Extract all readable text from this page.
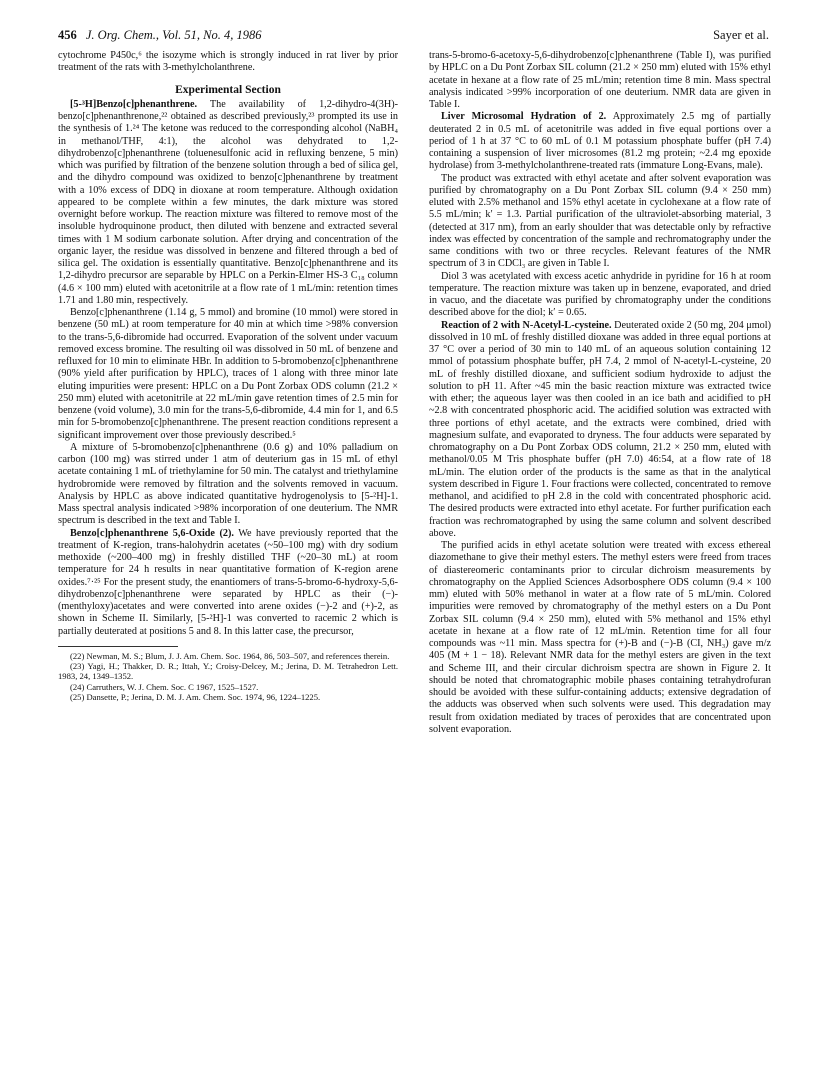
456 J. Org. Chem., Vol. 51, No. 4, 1986	Sayer et al.

cytochrome P450c,⁶ the isozyme which is strongly induced in rat liver by prior treatment of the rats with 3-methylcholanthrene.

Experimental Section

[5-³H]Benzo[c]phenanthrene. The availability of 1,2-dihydro-4(3H)-benzo[c]phenanthrenone,²² obtained as described previously,²³ prompted its use in the synthesis of 1.²⁴ The ketone was reduced to the corresponding alcohol (NaBH₄ in methanol/THF, 4:1), the alcohol was dehydrated to 1,2-dihydrobenzo[c]phenanthrene (toluenesulfonic acid in refluxing benzene, 5 min) which was purified by filtration of the benzene solution through a bed of silica gel, and the dihydro compound was oxidized to benzo[c]phenanthrene by treatment with a 10% excess of DDQ in dioxane at room temperature. Although oxidation appeared to be complete within a few minutes, the dark mixture was stored overnight before workup. The reaction mixture was filtered to remove most of the insoluble hydroquinone product, then diluted with benzene and extracted several times with 1 M sodium carbonate solution. After drying and concentration of the organic layer, the residue was dissolved in benzene and filtered through a bed of silica gel. The oxidation is essentially quantitative. Benzo[c]phenanthrene and its 1,2-dihydro precursor are separable by HPLC on a Perkin-Elmer HS-3 C₁₈ column (4.6 × 100 mm) eluted with acetonitrile at a flow rate of 1 mL/min: retention times 1.71 and 1.80 min, respectively.

Benzo[c]phenanthrene (1.14 g, 5 mmol) and bromine (10 mmol) were stored in benzene (50 mL) at room temperature for 40 min at which time >98% conversion to the trans-5,6-dibromide had occurred. Evaporation of the solvent under vacuum removed excess bromine. The resulting oil was dissolved in 50 mL of benzene and refluxed for 10 min to eliminate HBr. In addition to 5-bromobenzo[c]phenanthrene (90% yield after purification by HPLC), traces of 1 along with three minor late eluting impurities were present: HPLC on a Du Pont Zorbax ODS column (21.2 × 250 mm) eluted with acetonitrile at 22 mL/min gave retention times of 2.5 min for benzene (void volume), 3.0 min for the trans-5,6-dibromide, 4.4 min for 1, and 6.5 min for 5-bromobenzo[c]phenanthrene. The present reaction conditions represent a significant improvement over those previously described.⁵

A mixture of 5-bromobenzo[c]phenanthrene (0.6 g) and 10% palladium on carbon (100 mg) was stirred under 1 atm of deuterium gas in 15 mL of ethyl acetate containing 1 mL of triethylamine for 50 min. The catalyst and triethylamine hydrobromide were removed by filtration and the solvents removed in vacuum. Analysis by HPLC as above indicated quantitative hydrogenolysis to [5-²H]-1. Mass spectral analysis indicated >98% incorporation of one deuterium. The NMR spectrum is described in the text and Table I.

Benzo[c]phenanthrene 5,6-Oxide (2). We have previously reported that the treatment of K-region, trans-halohydrin acetates (~50–100 mg) with dry sodium methoxide (~200–400 mg) in freshly distilled THF (~20–30 mL) at room temperature for 24 h results in near quantitative formation of K-region arene oxides.⁷·²⁵ For the present study, the enantiomers of trans-5-bromo-6-hydroxy-5,6-dihydrobenzo[c]phenanthrene were separated by HPLC as their (−)-(menthyloxy)acetates and were converted into arene oxides (−)-2 and (+)-2, as shown in Scheme II. Similarly, [5-²H]-1 was converted to racemic 2 which is partially deuterated at positions 5 and 8. In this latter case, the precursor,

(22) Newman, M. S.; Blum, J. J. Am. Chem. Soc. 1964, 86, 503–507, and references therein.

(23) Yagi, H.; Thakker, D. R.; Ittah, Y.; Croisy-Delcey, M.; Jerina, D. M. Tetrahedron Lett. 1983, 24, 1349–1352.

(24) Carruthers, W. J. Chem. Soc. C 1967, 1525–1527.

(25) Dansette, P.; Jerina, D. M. J. Am. Chem. Soc. 1974, 96, 1224–1225.

trans-5-bromo-6-acetoxy-5,6-dihydrobenzo[c]phenanthrene (Table I), was purified by HPLC on a Du Pont Zorbax SIL column (21.2 × 250 mm) eluted with 15% ethyl acetate in hexane at a flow rate of 25 mL/min; retention time 8 min. Mass spectral analysis indicated >99% incorporation of one deuterium. NMR data are given in Table I.

Liver Microsomal Hydration of 2. Approximately 2.5 mg of partially deuterated 2 in 0.5 mL of acetonitrile was added in five equal portions over a period of 1 h at 37 °C to 60 mL of 0.1 M potassium phosphate buffer (pH 7.4) containing a suspension of liver microsomes (81.2 mg protein; ~2.4 mg epoxide hydrolase) from 3-methylcholanthrene-treated rats (immature Long-Evans, male).

The product was extracted with ethyl acetate and after solvent evaporation was purified by chromatography on a Du Pont Zorbax SIL column (9.4 × 250 mm) eluted with 2.5% methanol and 15% ethyl acetate in cyclohexane at a flow rate of 5.5 mL/min; k′ = 1.3. Partial purification of the ultraviolet-absorbing material, 3 (detected at 317 nm), from an early shoulder that was detectable only by refractive index was effected by concentration of the sample and rechromatography under the same conditions with two or three recycles. Relevant features of the NMR spectrum of 3 in CDCl₃ are given in Table I.

Diol 3 was acetylated with excess acetic anhydride in pyridine for 16 h at room temperature. The reaction mixture was taken up in benzene, evaporated, and dried in vacuo, and the diacetate was purified by chromatography under the conditions described above for the diol; k′ = 0.65.

Reaction of 2 with N-Acetyl-L-cysteine. Deuterated oxide 2 (50 mg, 204 μmol) dissolved in 10 mL of freshly distilled dioxane was added in three equal portions at 37 °C over a period of 30 min to 140 mL of an aqueous solution containing 12 mmol of potassium phosphate buffer, pH 7.4, 2 mmol of N-acetyl-L-cysteine, 20 mL of freshly distilled dioxane, and sufficient sodium hydroxide to adjust the solution to pH 11. After ~45 min the basic reaction mixture was extracted twice with ether; the aqueous layer was then cooled in an ice bath and acidified to pH ~2.8 with concentrated phosphoric acid. The acidified solution was extracted with three portions of ethyl acetate, and the extracts were combined, dried with magnesium sulfate, and evaporated to dryness. The four adducts were separated by chromatography on a Du Pont Zorbax ODS column, 21.2 × 250 mm, eluted with methanol/0.05 M Tris phosphate buffer (pH 7.0) 46:54, at a flow rate of 18 mL/min. The elution order of the products is the same as that in the analytical system described in Figure 1. Four fractions were collected, concentrated to remove methanol, and acidified to pH 2.8 in the cold with concentrated phosphoric acid. The desired products were extracted into ethyl acetate. For further purification each fraction was rechromatographed by using the same column and solvent described above.

The purified acids in ethyl acetate solution were treated with excess ethereal diazomethane to give their methyl esters. The methyl esters were freed from traces of diastereomeric contaminants prior to circular dichroism measurements by chromatography on the Applied Sciences Adsorbosphere ODS column (9.4 × 100 mm) eluted with 50% methanol in water at a flow rate of 5 mL/min. Colored impurities were removed by chromatography of the methyl esters on a Du Pont Zorbax SIL column (9.4 × 250 mm), eluted with 5% methanol and 15% ethyl acetate in hexane at a flow rate of 12 mL/min. Retention time for all four compounds was ~11 min. Mass spectra for (+)-B and (−)-B (CI, NH₃) gave m/z 405 (M + 1 − 18). Relevant NMR data for the methyl esters are given in the text and Scheme III, and their circular dichroism spectra are shown in Figure 2. It should be noted that chromatographic mobile phases containing tetrahydrofuran should be avoided with these sulfur-containing adducts; extensive degradation of the adducts was observed when such solvents were used. This degradation may result from oxidation mediated by traces of peroxides that are concentrated upon solvent evaporation.
